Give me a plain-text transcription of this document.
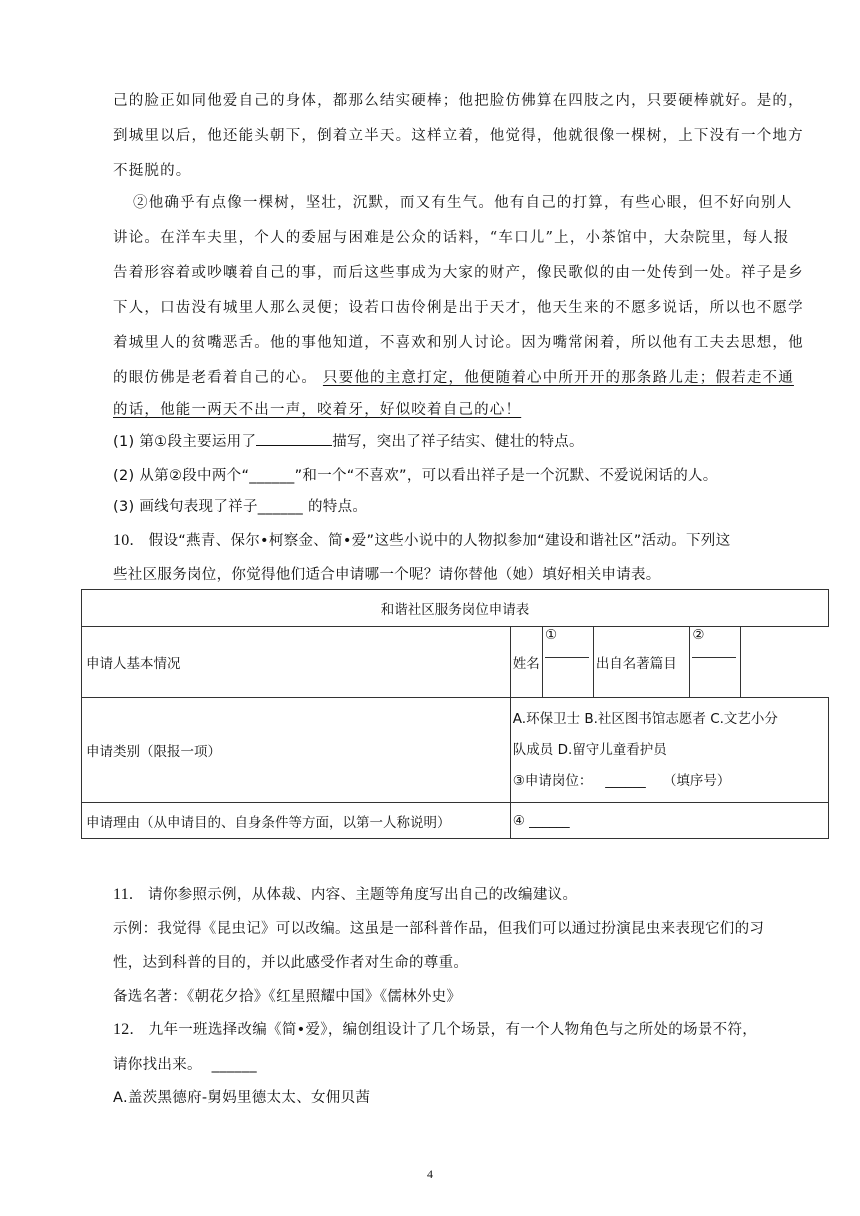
己的脸正如同他爱自己的身体，都那么结实硬棒；他把脸仿佛算在四肢之内，只要硬棒就好。是的，
到城里以后，他还能头朝下，倒着立半天。这样立着，他觉得，他就很像一棵树，上下没有一个地方
不挺脱的。
②他确乎有点像一棵树，坚壮，沉默，而又有生气。他有自己的打算，有些心眼，但不好向别人
讲论。在洋车夫里，个人的委屈与困难是公众的话料，“车口儿”上，小茶馆中，大杂院里，每人报
告着形容着或吵嚷着自己的事，而后这些事成为大家的财产，像民歌似的由一处传到一处。祥子是乡
下人，口齿没有城里人那么灵便；设若口齿伶俐是出于天才，他天生来的不愿多说话，所以也不愿学
着城里人的贫嘴恶舌。他的事他知道，不喜欢和别人讨论。因为嘴常闲着，所以他有工夫去思想，他
的眼仿佛是老看着自己的心。 只要他的主意打定，他便随着心中所开开的那条路儿走；假若走不通
的话，他能一两天不出一声，咬着牙，好似咬着自己的心！
(1) 第①段主要运用了	描写，突出了祥子结实、健壮的特点。
(2) 从第②段中两个“______”和一个“不喜欢”，可以看出祥子是一个沉默、不爱说闲话的人。
(3) 画线句表现了祥子______ 的特点。
10. 假设“燕青、保尔•柯察金、简•爱”这些小说中的人物拟参加“建设和谐社区”活动。下列这
些社区服务岗位，你觉得他们适合申请哪一个呢？请你替他（她）填好相关申请表。
和谐社区服务岗位申请表					
申请人基本情况	姓名	①	出自名著篇目	②

申请类别（限报一项）	A.环保卫士 B.社区图书馆志愿者 C.文艺小分
队成员 D.留守儿童看护员
③申请岗位： ______ （填序号）				

申请理由（从申请目的、自身条件等方面，以第一人称说明）	④ ______				
11. 请你参照示例，从体裁、内容、主题等角度写出自己的改编建议。
示例：我觉得《昆虫记》可以改编。这虽是一部科普作品，但我们可以通过扮演昆虫来表现它们的习
性，达到科普的目的，并以此感受作者对生命的尊重。
备选名著：《朝花夕拾》《红星照耀中国》《儒林外史》
12. 九年一班选择改编《简•爱》，编创组设计了几个场景，有一个人物角色与之所处的场景不符，
请你找出来。 ______
A.盖茨黑德府-舅妈里德太太、女佣贝茜
4
